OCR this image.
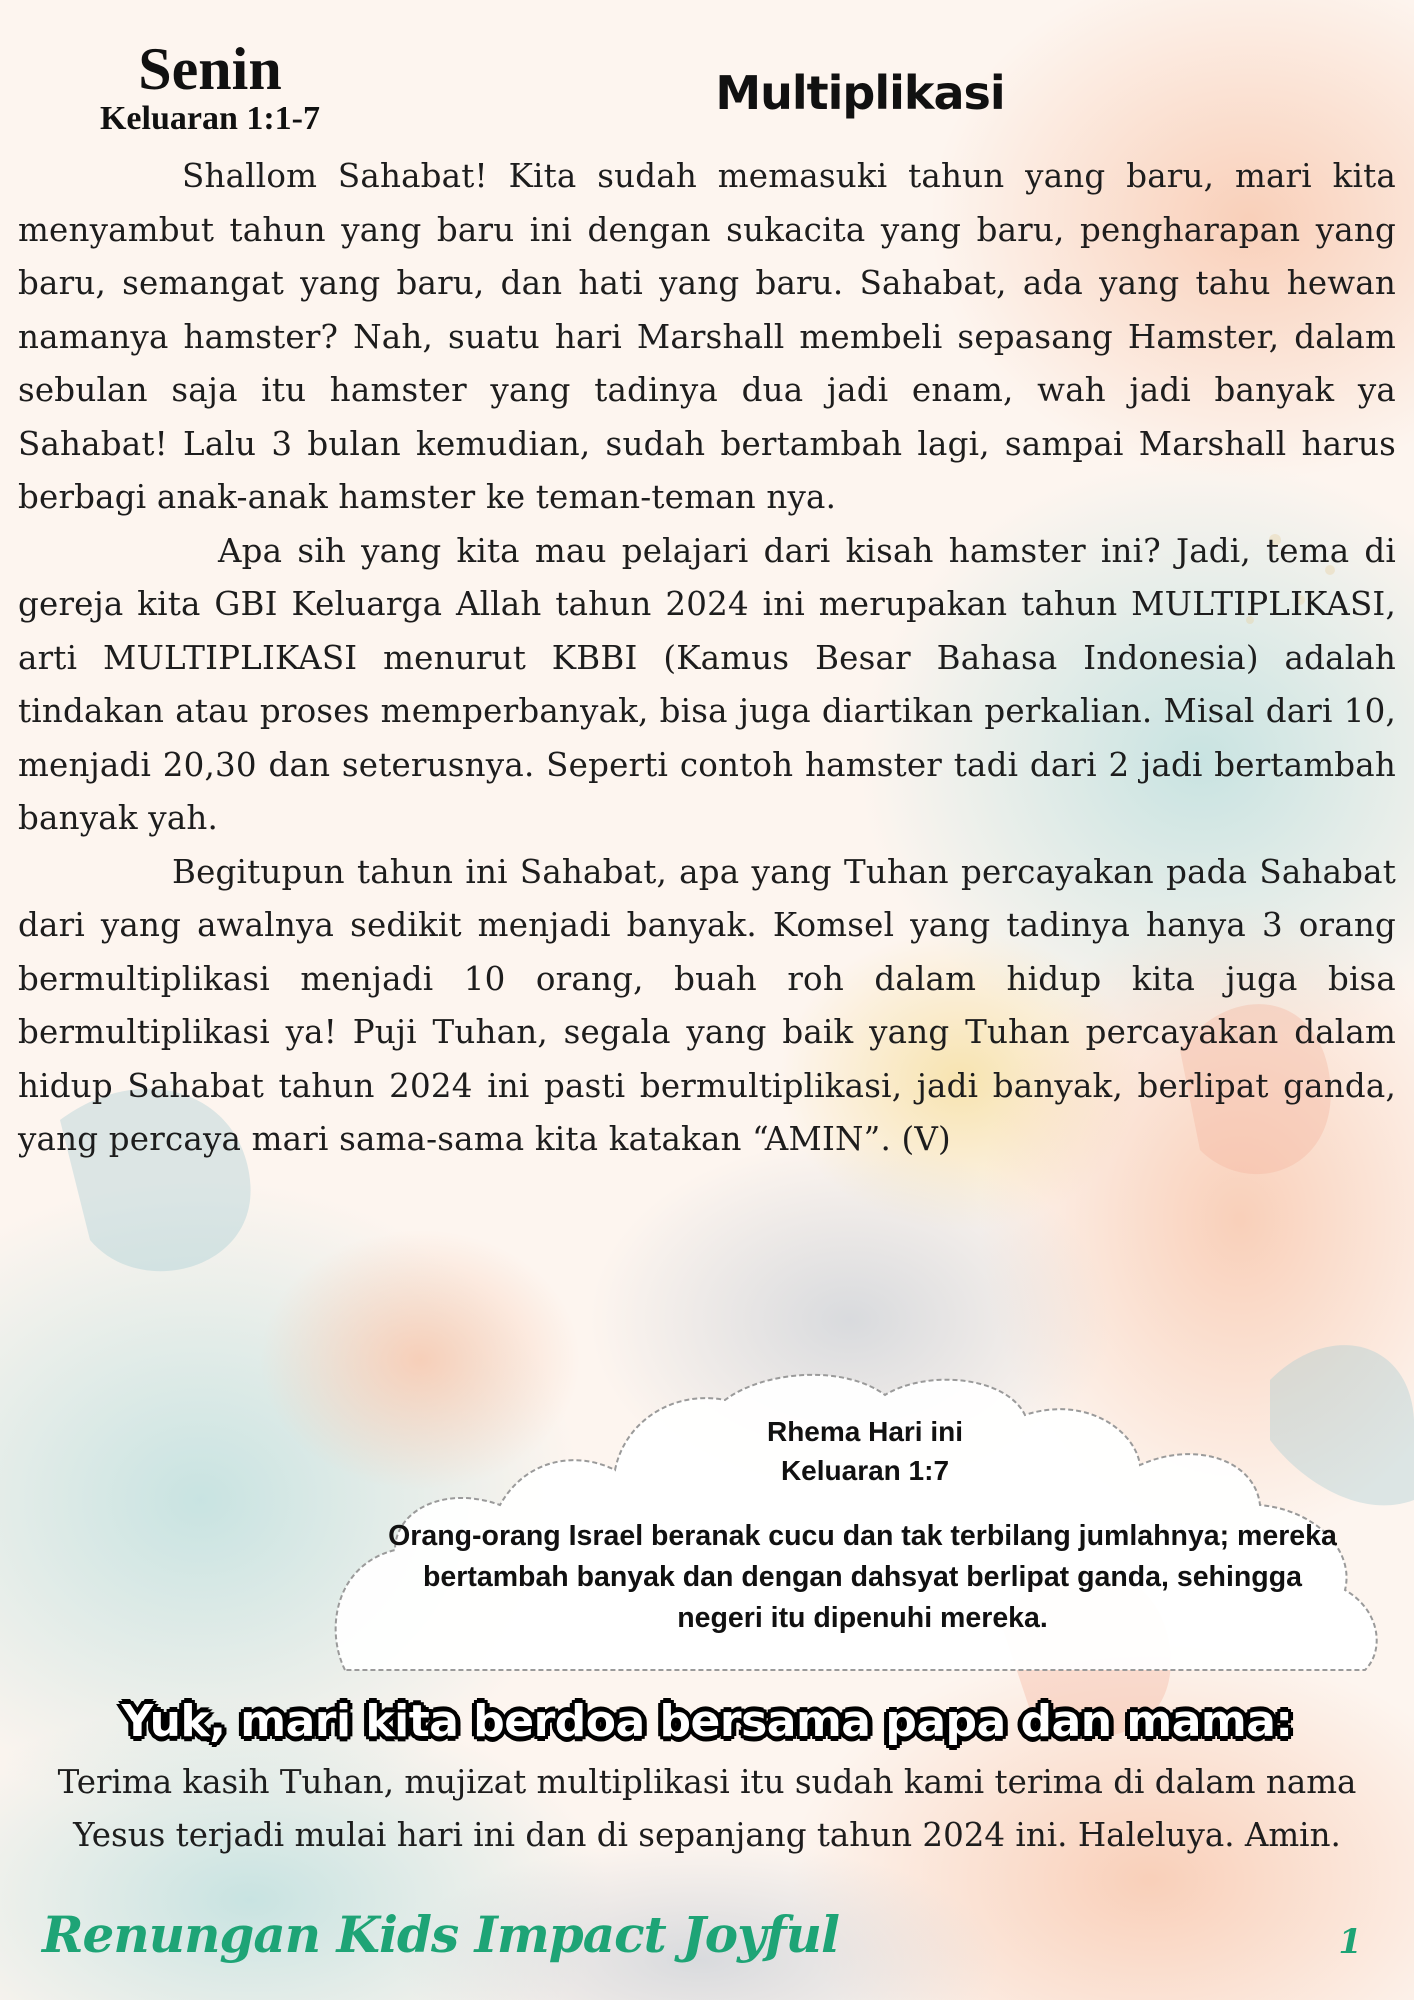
Senin
Keluaran 1:1-7	Multiplikasi

Shallom Sahabat! Kita sudah memasuki tahun yang baru, mari kita menyambut tahun yang baru ini dengan sukacita yang baru, pengharapan yang baru, semangat yang baru, dan hati yang baru. Sahabat, ada yang tahu hewan namanya hamster? Nah, suatu hari Marshall membeli sepasang Hamster, dalam sebulan saja itu hamster yang tadinya dua jadi enam, wah jadi banyak ya Sahabat! Lalu 3 bulan kemudian, sudah bertambah lagi, sampai Marshall harus berbagi anak-anak hamster ke teman-teman nya.

Apa sih yang kita mau pelajari dari kisah hamster ini? Jadi, tema di gereja kita GBI Keluarga Allah tahun 2024 ini merupakan tahun MULTIPLIKASI, arti MULTIPLIKASI menurut KBBI (Kamus Besar Bahasa Indonesia) adalah tindakan atau proses memperbanyak, bisa juga diartikan perkalian. Misal dari 10, menjadi 20,30 dan seterusnya. Seperti contoh hamster tadi dari 2 jadi bertambah banyak yah.

Begitupun tahun ini Sahabat, apa yang Tuhan percayakan pada Sahabat dari yang awalnya sedikit menjadi banyak. Komsel yang tadinya hanya 3 orang bermultiplikasi menjadi 10 orang, buah roh dalam hidup kita juga bisa bermultiplikasi ya! Puji Tuhan, segala yang baik yang Tuhan percayakan dalam hidup Sahabat tahun 2024 ini pasti bermultiplikasi, jadi banyak, berlipat ganda, yang percaya mari sama-sama kita katakan “AMIN”. (V)

Rhema Hari ini
Keluaran 1:7
Orang-orang Israel beranak cucu dan tak terbilang jumlahnya; mereka bertambah banyak dan dengan dahsyat berlipat ganda, sehingga negeri itu dipenuhi mereka.
Yuk, mari kita berdoa bersama papa dan mama:
Terima kasih Tuhan, mujizat multiplikasi itu sudah kami terima di dalam nama Yesus terjadi mulai hari ini dan di sepanjang tahun 2024 ini. Haleluya. Amin.
Renungan Kids Impact Joyful	1
